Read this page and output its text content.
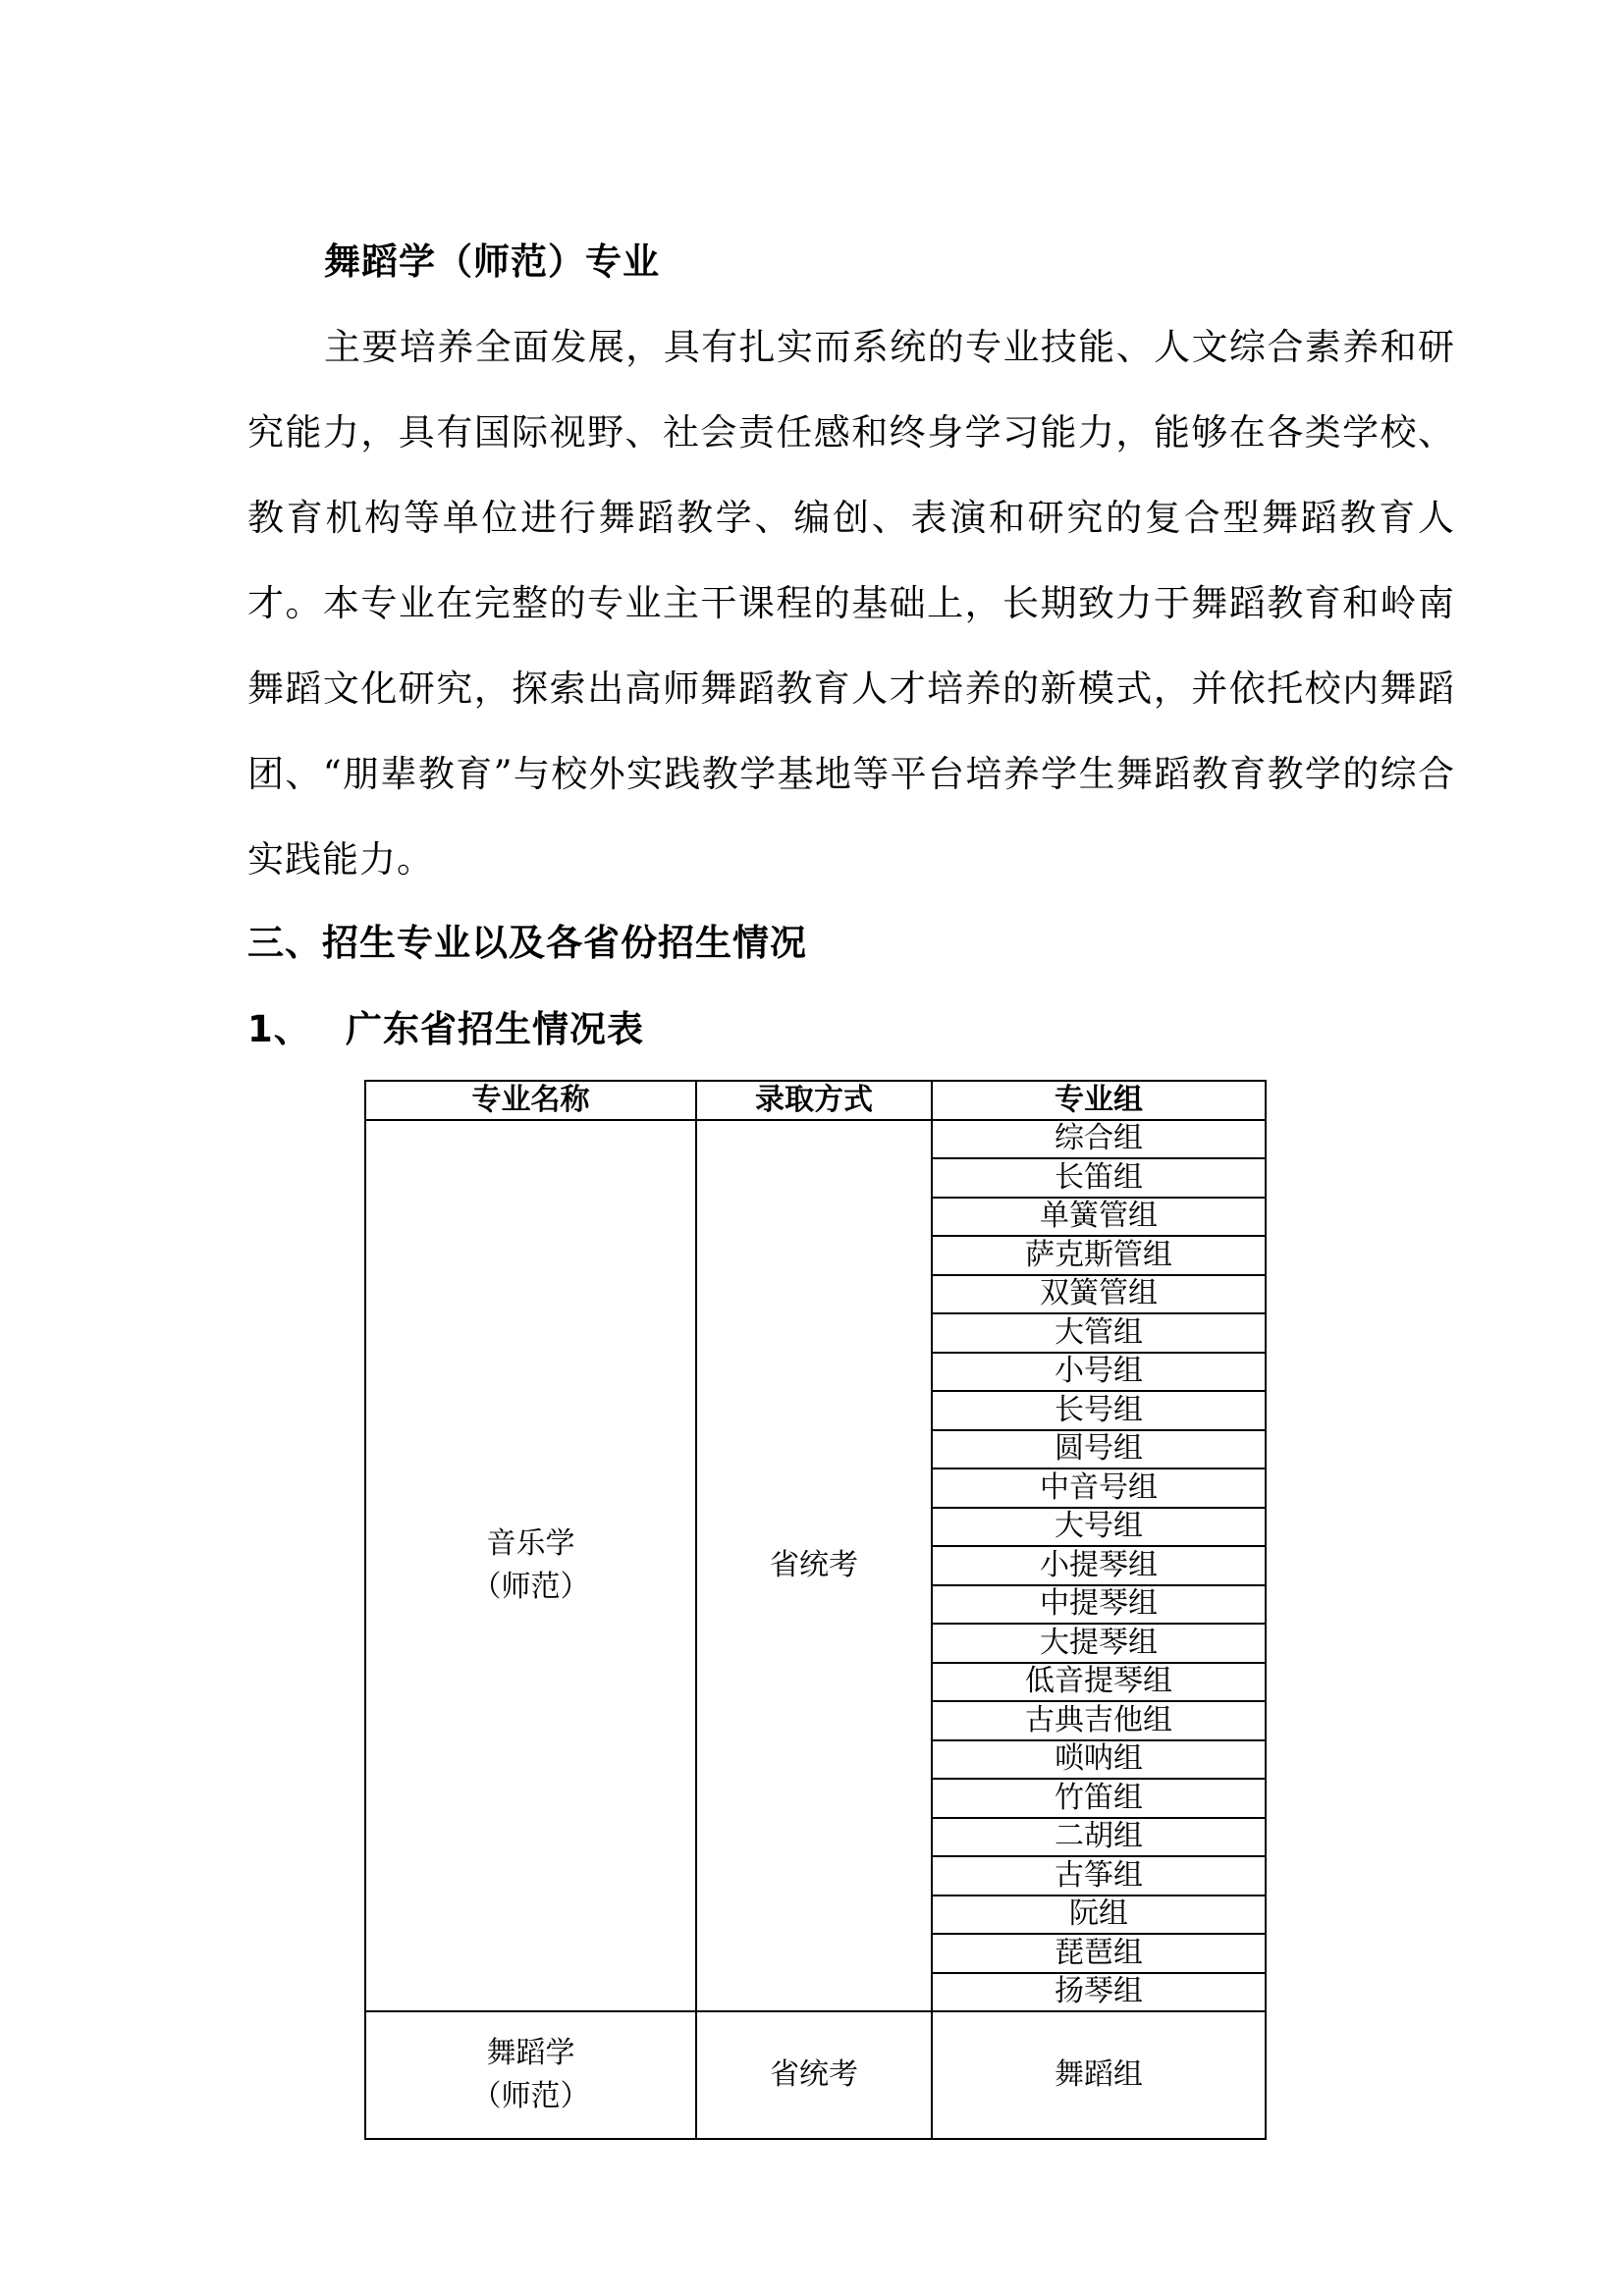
舞蹈学（师范）专业

主要培养全面发展，具有扎实而系统的专业技能、人文综合素养和研究能力，具有国际视野、社会责任感和终身学习能力，能够在各类学校、教育机构等单位进行舞蹈教学、编创、表演和研究的复合型舞蹈教育人才。本专业在完整的专业主干课程的基础上，长期致力于舞蹈教育和岭南舞蹈文化研究，探索出高师舞蹈教育人才培养的新模式，并依托校内舞蹈团、“朋辈教育”与校外实践教学基地等平台培养学生舞蹈教育教学的综合实践能力。

三、招生专业以及各省份招生情况
1、 广东省招生情况表
专业名称	录取方式	专业组

音乐学
（师范）	省统考	综合组
		长笛组
		单簧管组
		萨克斯管组
		双簧管组
		大管组
		小号组
		长号组
		圆号组
		中音号组
		大号组
		小提琴组
		中提琴组
		大提琴组
		低音提琴组
		古典吉他组
		唢呐组
		竹笛组
		二胡组
		古筝组
		阮组
		琵琶组
		扬琴组

舞蹈学
（师范）	省统考	舞蹈组
